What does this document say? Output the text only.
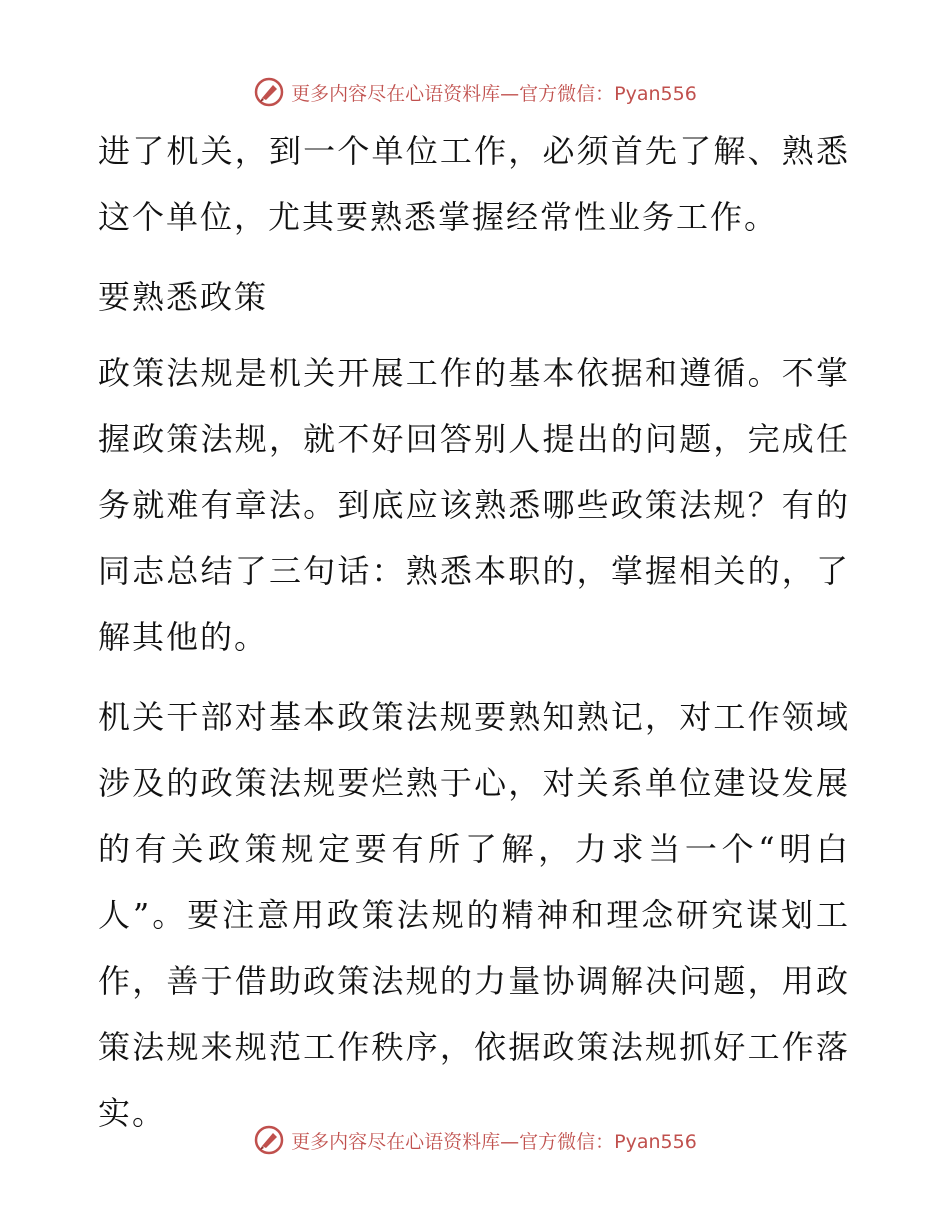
更多内容尽在心语资料库—官方微信：Pyan556

进了机关，到一个单位工作，必须首先了解、熟悉这个单位，尤其要熟悉掌握经常性业务工作。

要熟悉政策

政策法规是机关开展工作的基本依据和遵循。不掌握政策法规，就不好回答别人提出的问题，完成任务就难有章法。到底应该熟悉哪些政策法规？有的同志总结了三句话：熟悉本职的，掌握相关的，了解其他的。

机关干部对基本政策法规要熟知熟记，对工作领域涉及的政策法规要烂熟于心，对关系单位建设发展的有关政策规定要有所了解，力求当一个“明白人”。要注意用政策法规的精神和理念研究谋划工作，善于借助政策法规的力量协调解决问题，用政策法规来规范工作秩序，依据政策法规抓好工作落实。

更多内容尽在心语资料库—官方微信：Pyan556
